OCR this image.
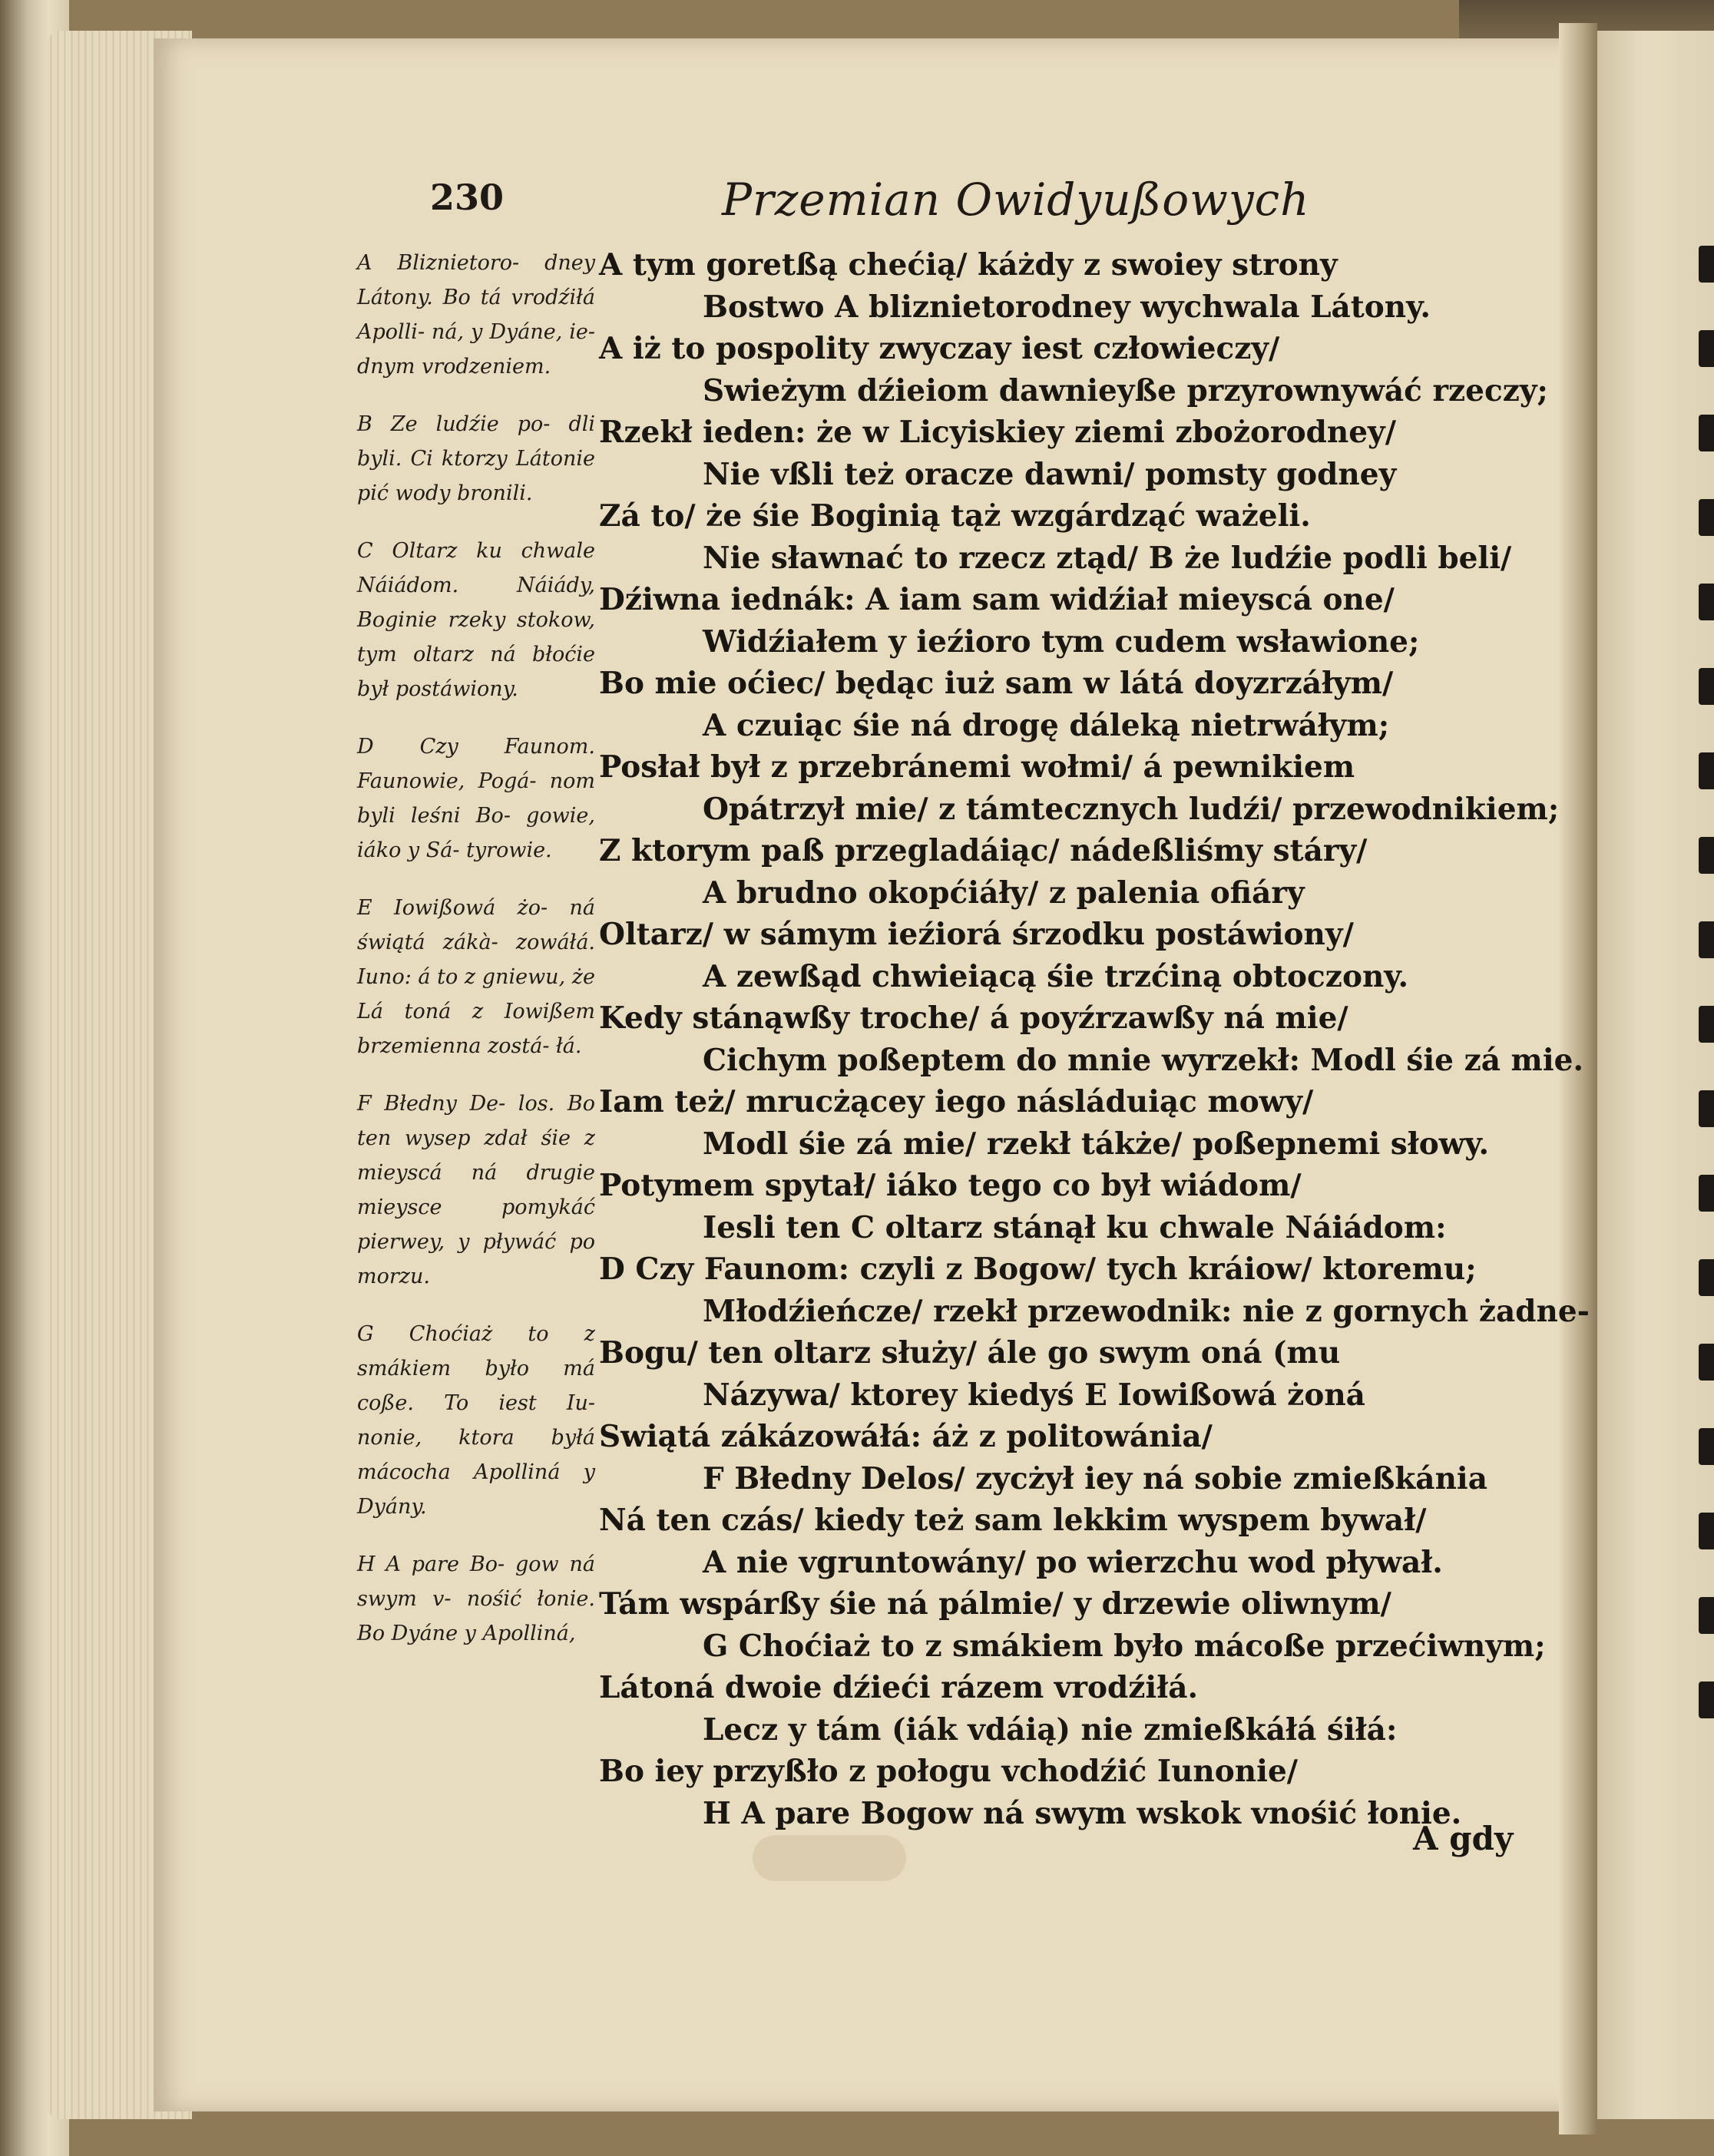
230	Przemian Owidyußowych
A Bliznietoro- dney Látony. Bo tá vrodźiłá Apolli- ná, y Dyáne, ie- dnym vrodzeniem.
B Ze ludźie po- dli byli. Ci ktorzy Látonie pić wody bronili.
C Oltarz ku chwale Náiádom. Náiády, Boginie rzeky stokow, tym oltarz ná błoćie był postáwiony.
D Czy Faunom. Faunowie, Pogá- nom byli leśni Bo- gowie, iáko y Sá- tyrowie.
E Iowißowá żo- ná świątá zákà- zowáłá. Iuno: á to z gniewu, że Lá toná z Iowißem brzemienna zostá- łá.
F Błedny De- los. Bo ten wysep zdał śie z mieyscá ná drugie mieysce pomykáć pierwey, y pływáć po morzu.
G Choćiaż to z smákiem było má coße. To iest Iu- nonie, ktora byłá mácocha Apolliná y Dyány.
H A pare Bo- gow ná swym v- nośić łonie. Bo Dyáne y Apolliná,
A tym goretßą chećią/ káżdy z swoiey strony
Bostwo A bliznietorodney wychwala Látony.
A iż to pospolity zwyczay iest człowieczy/
Swieżym dźieiom dawnieyße przyrownywáć rzeczy;
Rzekł ieden: że w Licyiskiey ziemi zbożorodney/
Nie vßli też oracze dawni/ pomsty godney
Zá to/ że śie Boginią tąż wzgárdząć ważeli.
Nie sławnać to rzecz ztąd/ B że ludźie podli beli/
Dźiwna iednák: A iam sam widźiał mieyscá one/
Widźiałem y ieźioro tym cudem wsławione;
Bo mie oćiec/ będąc iuż sam w látá doyzrzáłym/
A czuiąc śie ná drogę dáleką nietrwáłym;
Posłał był z przebránemi wołmi/ á pewnikiem
Opátrzył mie/ z támtecznych ludźi/ przewodnikiem;
Z ktorym paß przegladáiąc/ nádeßliśmy stáry/
A brudno okopćiáły/ z palenia ofiáry
Oltarz/ w sámym ieźiorá śrzodku postáwiony/
A zewßąd chwieiącą śie trzćiną obtoczony.
Kedy stánąwßy troche/ á poyźrzawßy ná mie/
Cichym poßeptem do mnie wyrzekł: Modl śie zá mie.
Iam też/ mrucżącey iego násláduiąc mowy/
Modl śie zá mie/ rzekł tákże/ poßepnemi słowy.
Potymem spytał/ iáko tego co był wiádom/
Iesli ten C oltarz stánął ku chwale Náiádom:
D Czy Faunom: czyli z Bogow/ tych kráiow/ ktoremu;
Młodźieńcze/ rzekł przewodnik: nie z gornych żadne-
Bogu/ ten oltarz służy/ ále go swym oná (mu
Názywa/ ktorey kiedyś E Iowißowá żoná
Swiątá zákázowáłá: áż z politowánia/
F Błedny Delos/ zycżył iey ná sobie zmießkánia
Ná ten czás/ kiedy też sam lekkim wyspem bywał/
A nie vgruntowány/ po wierzchu wod pływał.
Tám wspárßy śie ná pálmie/ y drzewie oliwnym/
G Choćiaż to z smákiem było mácoße przećiwnym;
Látoná dwoie dźieći rázem vrodźiłá.
Lecz y tám (iák vdáią) nie zmießkáłá śiłá:
Bo iey przyßło z połogu vchodźić Iunonie/
H A pare Bogow ná swym wskok vnośić łonie.
A gdy
